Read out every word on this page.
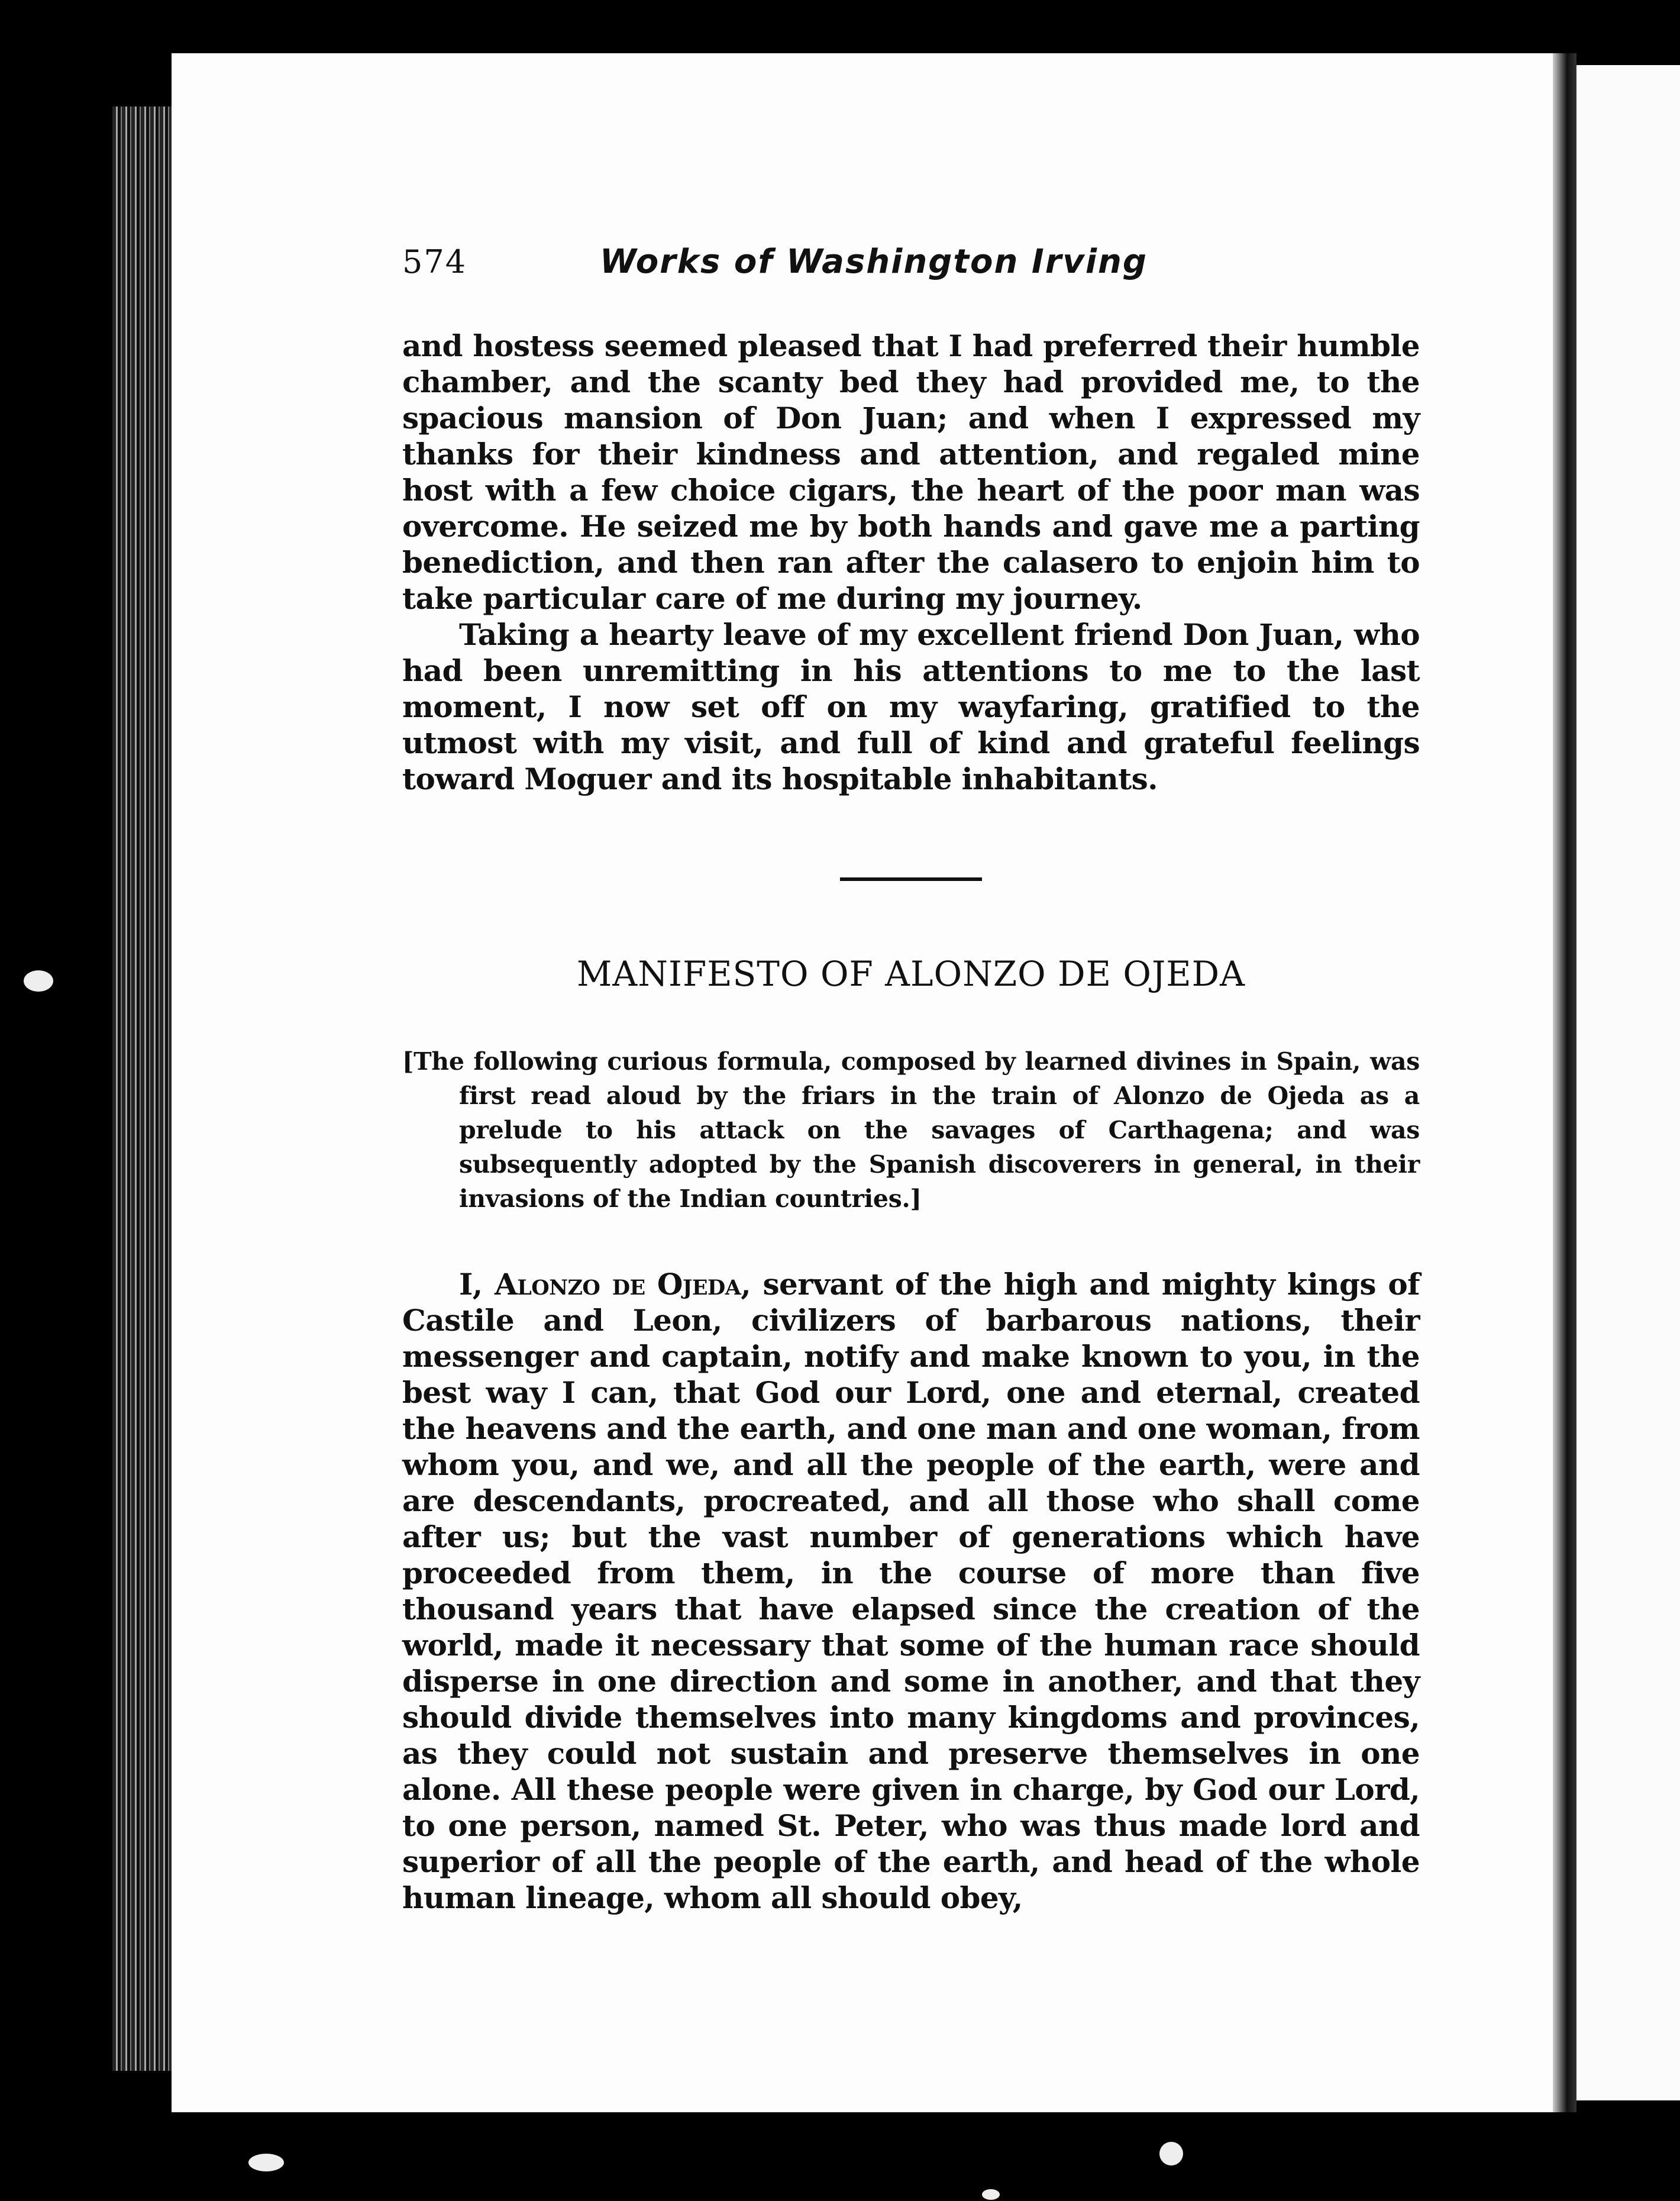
574	Works of Washington Irving

and hostess seemed pleased that I had preferred their humble chamber, and the scanty bed they had provided me, to the spacious mansion of Don Juan; and when I expressed my thanks for their kindness and attention, and regaled mine host with a few choice cigars, the heart of the poor man was overcome. He seized me by both hands and gave me a parting benediction, and then ran after the calasero to enjoin him to take particular care of me during my journey.

Taking a hearty leave of my excellent friend Don Juan, who had been unremitting in his attentions to me to the last moment, I now set off on my wayfaring, gratified to the utmost with my visit, and full of kind and grateful feelings toward Moguer and its hospitable inhabitants.

MANIFESTO OF ALONZO DE OJEDA

[The following curious formula, composed by learned divines in Spain, was first read aloud by the friars in the train of Alonzo de Ojeda as a prelude to his attack on the savages of Carthagena; and was subsequently adopted by the Spanish discoverers in general, in their invasions of the Indian countries.]

I, Alonzo de Ojeda, servant of the high and mighty kings of Castile and Leon, civilizers of barbarous nations, their messenger and captain, notify and make known to you, in the best way I can, that God our Lord, one and eternal, created the heavens and the earth, and one man and one woman, from whom you, and we, and all the people of the earth, were and are descendants, procreated, and all those who shall come after us; but the vast number of generations which have proceeded from them, in the course of more than five thousand years that have elapsed since the creation of the world, made it necessary that some of the human race should disperse in one direction and some in another, and that they should divide themselves into many kingdoms and provinces, as they could not sustain and preserve themselves in one alone. All these people were given in charge, by God our Lord, to one person, named St. Peter, who was thus made lord and superior of all the people of the earth, and head of the whole human lineage, whom all should obey,
